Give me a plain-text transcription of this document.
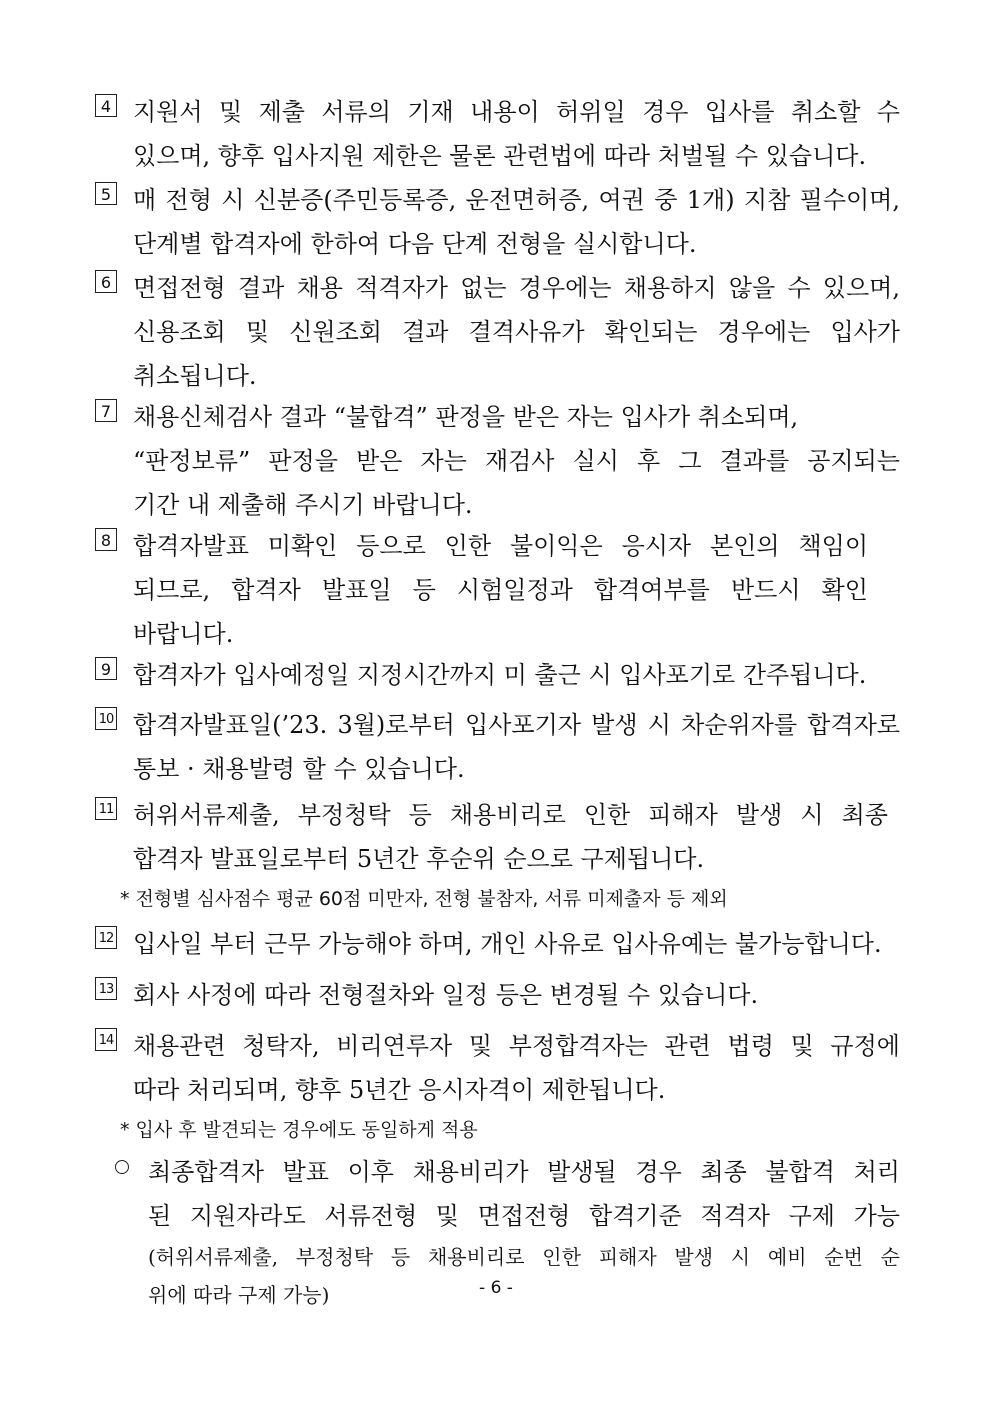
4 지원서 및 제출 서류의 기재 내용이 허위일 경우 입사를 취소할 수
있으며, 향후 입사지원 제한은 물론 관련법에 따라 처벌될 수 있습니다.
5 매 전형 시 신분증(주민등록증, 운전면허증, 여권 중 1개) 지참 필수이며,
단계별 합격자에 한하여 다음 단계 전형을 실시합니다.
6 면접전형 결과 채용 적격자가 없는 경우에는 채용하지 않을 수 있으며,
신용조회 및 신원조회 결과 결격사유가 확인되는 경우에는 입사가
취소됩니다.
7 채용신체검사 결과 “불합격” 판정을 받은 자는 입사가 취소되며,
“판정보류” 판정을 받은 자는 재검사 실시 후 그 결과를 공지되는
기간 내 제출해 주시기 바랍니다.
8 합격자발표 미확인 등으로 인한 불이익은 응시자 본인의 책임이
되므로, 합격자 발표일 등 시험일정과 합격여부를 반드시 확인
바랍니다.
9 합격자가 입사예정일 지정시간까지 미 출근 시 입사포기로 간주됩니다.
10 합격자발표일(’23. 3월)로부터 입사포기자 발생 시 차순위자를 합격자로
통보 · 채용발령 할 수 있습니다.
11 허위서류제출, 부정청탁 등 채용비리로 인한 피해자 발생 시 최종
합격자 발표일로부터 5년간 후순위 순으로 구제됩니다.
* 전형별 심사점수 평균 60점 미만자, 전형 불참자, 서류 미제출자 등 제외
12 입사일 부터 근무 가능해야 하며, 개인 사유로 입사유예는 불가능합니다.
13 회사 사정에 따라 전형절차와 일정 등은 변경될 수 있습니다.
14 채용관련 청탁자, 비리연루자 및 부정합격자는 관련 법령 및 규정에
따라 처리되며, 향후 5년간 응시자격이 제한됩니다.
* 입사 후 발견되는 경우에도 동일하게 적용
최종합격자 발표 이후 채용비리가 발생될 경우 최종 불합격 처리
된 지원자라도 서류전형 및 면접전형 합격기준 적격자 구제 가능
(허위서류제출, 부정청탁 등 채용비리로 인한 피해자 발생 시 예비 순번 순
위에 따라 구제 가능)	- 6 -
